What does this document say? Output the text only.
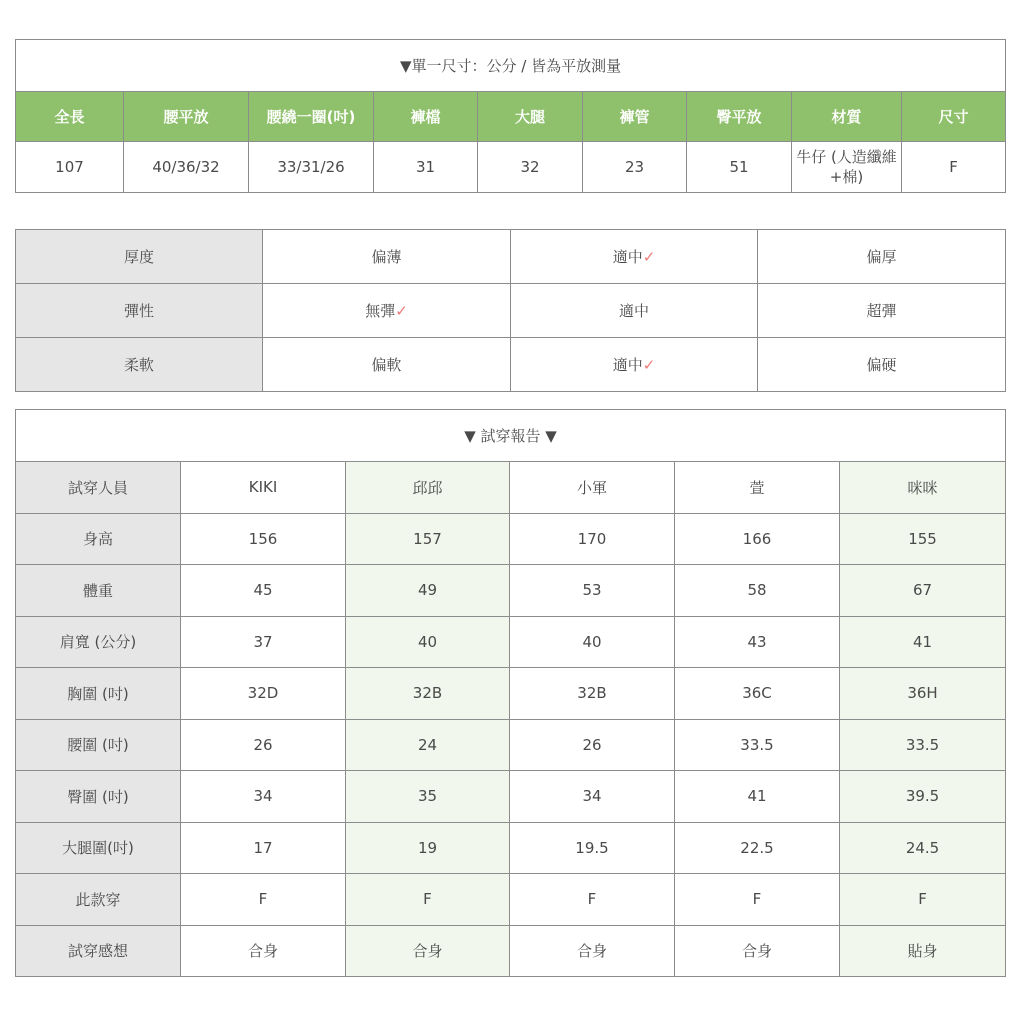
▼單一尺寸：公分 / 皆為平放測量								
全長	腰平放	腰繞一圈(吋)	褲檔	大腿	褲管	臀平放	材質	尺寸
107	40/36/32	33/31/26	31	32	23	51	牛仔 (人造纖維+棉)	F
厚度	偏薄	適中✓	偏厚
彈性	無彈✓	適中	超彈
柔軟	偏軟	適中✓	偏硬
▼ 試穿報告 ▼					
試穿人員	KIKI	邱邱	小軍	萱	咪咪
身高	156	157	170	166	155
體重	45	49	53	58	67
肩寬 (公分)	37	40	40	43	41
胸圍 (吋)	32D	32B	32B	36C	36H
腰圍 (吋)	26	24	26	33.5	33.5
臀圍 (吋)	34	35	34	41	39.5
大腿圍(吋)	17	19	19.5	22.5	24.5
此款穿	F	F	F	F	F
試穿感想	合身	合身	合身	合身	貼身
